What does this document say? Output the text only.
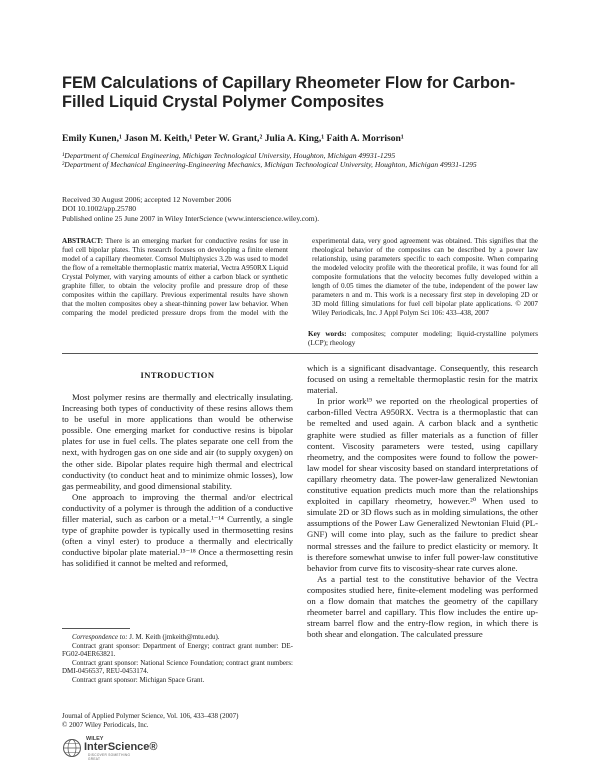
FEM Calculations of Capillary Rheometer Flow for Carbon-Filled Liquid Crystal Polymer Composites
Emily Kunen,¹ Jason M. Keith,¹ Peter W. Grant,² Julia A. King,¹ Faith A. Morrison¹
¹Department of Chemical Engineering, Michigan Technological University, Houghton, Michigan 49931-1295
²Department of Mechanical Engineering-Engineering Mechanics, Michigan Technological University, Houghton, Michigan 49931-1295
Received 30 August 2006; accepted 12 November 2006
DOI 10.1002/app.25780
Published online 25 June 2007 in Wiley InterScience (www.interscience.wiley.com).
ABSTRACT: There is an emerging market for conductive resins for use in fuel cell bipolar plates. This research focuses on developing a finite element model of a capillary rheometer. Comsol Multiphysics 3.2b was used to model the flow of a remeltable thermoplastic matrix material, Vectra A950RX Liquid Crystal Polymer, with varying amounts of either a carbon black or synthetic graphite filler, to obtain the velocity profile and pressure drop of these composites within the capillary. Previous experimental results have shown that the molten composites obey a shear-thinning power law behavior. When comparing the model predicted pressure drops from the model with the experimental data, very good agreement was obtained. This signifies that the rheological behavior of the composites can be described by a power law relationship, using parameters specific to each composite. When comparing the modeled velocity profile with the theoretical profile, it was found for all composite formulations that the velocity becomes fully developed within a length of 0.05 times the diameter of the tube, independent of the power law parameters n and m. This work is a necessary first step in developing 2D or 3D mold filling simulations for fuel cell bipolar plate applications. © 2007 Wiley Periodicals, Inc. J Appl Polym Sci 106: 433–438, 2007
Key words: composites; computer modeling; liquid-crystalline polymers (LCP); rheology
INTRODUCTION

Most polymer resins are thermally and electrically insulating. Increasing both types of conductivity of these resins allows them to be useful in more applications than would be otherwise possible. One emerging market for conductive resins is bipolar plates for use in fuel cells. The plates separate one cell from the next, with hydrogen gas on one side and air (to supply oxygen) on the other side. Bipolar plates require high thermal and electrical conductivity (to conduct heat and to minimize ohmic losses), low gas permeability, and good dimensional stability.

One approach to improving the thermal and/or electrical conductivity of a polymer is through the addition of a conductive filler material, such as carbon or a metal.¹⁻¹⁴ Currently, a single type of graphite powder is typically used in thermosetting resins (often a vinyl ester) to produce a thermally and electrically conductive bipolar plate material.¹⁵⁻¹⁸ Once a thermosetting resin has solidified it cannot be melted and reformed,

which is a significant disadvantage. Consequently, this research focused on using a remeltable thermoplastic resin for the matrix material.

In prior work¹⁹ we reported on the rheological properties of carbon-filled Vectra A950RX. Vectra is a thermoplastic that can be remelted and used again. A carbon black and a synthetic graphite were studied as filler materials as a function of filler content. Viscosity parameters were tested, using capillary rheometry, and the composites were found to follow the power-law model for shear viscosity based on standard interpretations of capillary rheometry data. The power-law generalized Newtonian constitutive equation predicts much more than the relationships exploited in capillary rheometry, however.²⁰ When used to simulate 2D or 3D flows such as in molding simulations, the other assumptions of the Power Law Generalized Newtonian Fluid (PL-GNF) will come into play, such as the failure to predict shear normal stresses and the failure to predict elasticity or memory. It is therefore somewhat unwise to infer full power-law constitutive behavior from curve fits to viscosity-shear rate curves alone.

As a partial test to the constitutive behavior of the Vectra composites studied here, finite-element modeling was performed on a flow domain that matches the geometry of the capillary rheometer barrel and capillary. This flow includes the entire up-stream barrel flow and the entry-flow region, in which there is both shear and elongation. The calculated pressure

Correspondence to: J. M. Keith (jmkeith@mtu.edu).

Contract grant sponsor: Department of Energy; contract grant number: DE-FG02-04ER63821.

Contract grant sponsor: National Science Foundation; contract grant numbers: DMI-0456537, REU-0453174.

Contract grant sponsor: Michigan Space Grant.

Journal of Applied Polymer Science, Vol. 106, 433–438 (2007)
© 2007 Wiley Periodicals, Inc.
WILEY
InterScience®
DISCOVER SOMETHING GREAT
